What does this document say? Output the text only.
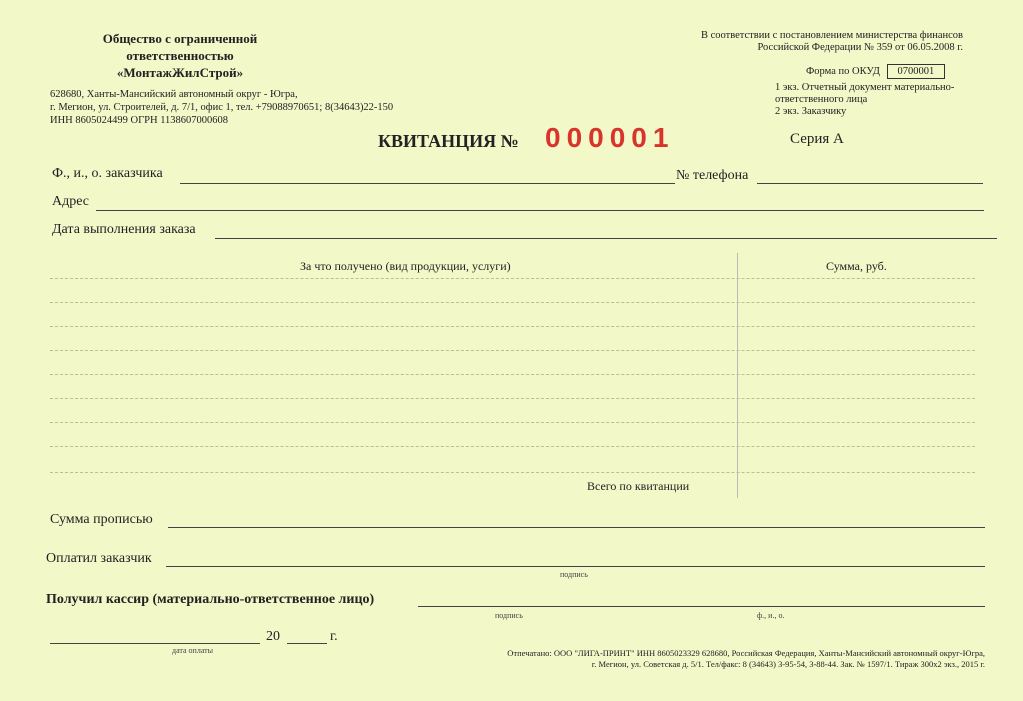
Общество с ограниченной
ответственностью
«МонтажЖилСтрой»
628680, Ханты-Мансийский автономный округ - Югра,
г. Мегион, ул. Строителей, д. 7/1, офис 1, тел. +79088970651; 8(34643)22-150
ИНН 8605024499 ОГРН 1138607000608
В соответствии с постановлением министерства финансов
Российской Федерации № 359 от 06.05.2008 г.
Форма по ОКУД 0700001
1 экз. Отчетный документ материально-
ответственного лица
2 экз. Заказчику
КВИТАНЦИЯ № 000001	Серия А
Ф., и., о. заказчика	№ телефона
Адрес
Дата выполнения заказа
За что получено (вид продукции, услуги)	Сумма, руб.
Всего по квитанции
Сумма прописью
Оплатил заказчик
подпись
Получил кассир (материально-ответственное лицо)
подпись	ф., и., о.
20	г.
дата оплаты	Отпечатано: ООО "ЛИГА-ПРИНТ" ИНН 8605023329 628680, Российская Федерация, Ханты-Мансийский автономный округ-Югра,
г. Мегион, ул. Советская д. 5/1. Тел/факс: 8 (34643) 3-95-54, 3-88-44. Зак. № 1597/1. Тираж 300х2 экз., 2015 г.
